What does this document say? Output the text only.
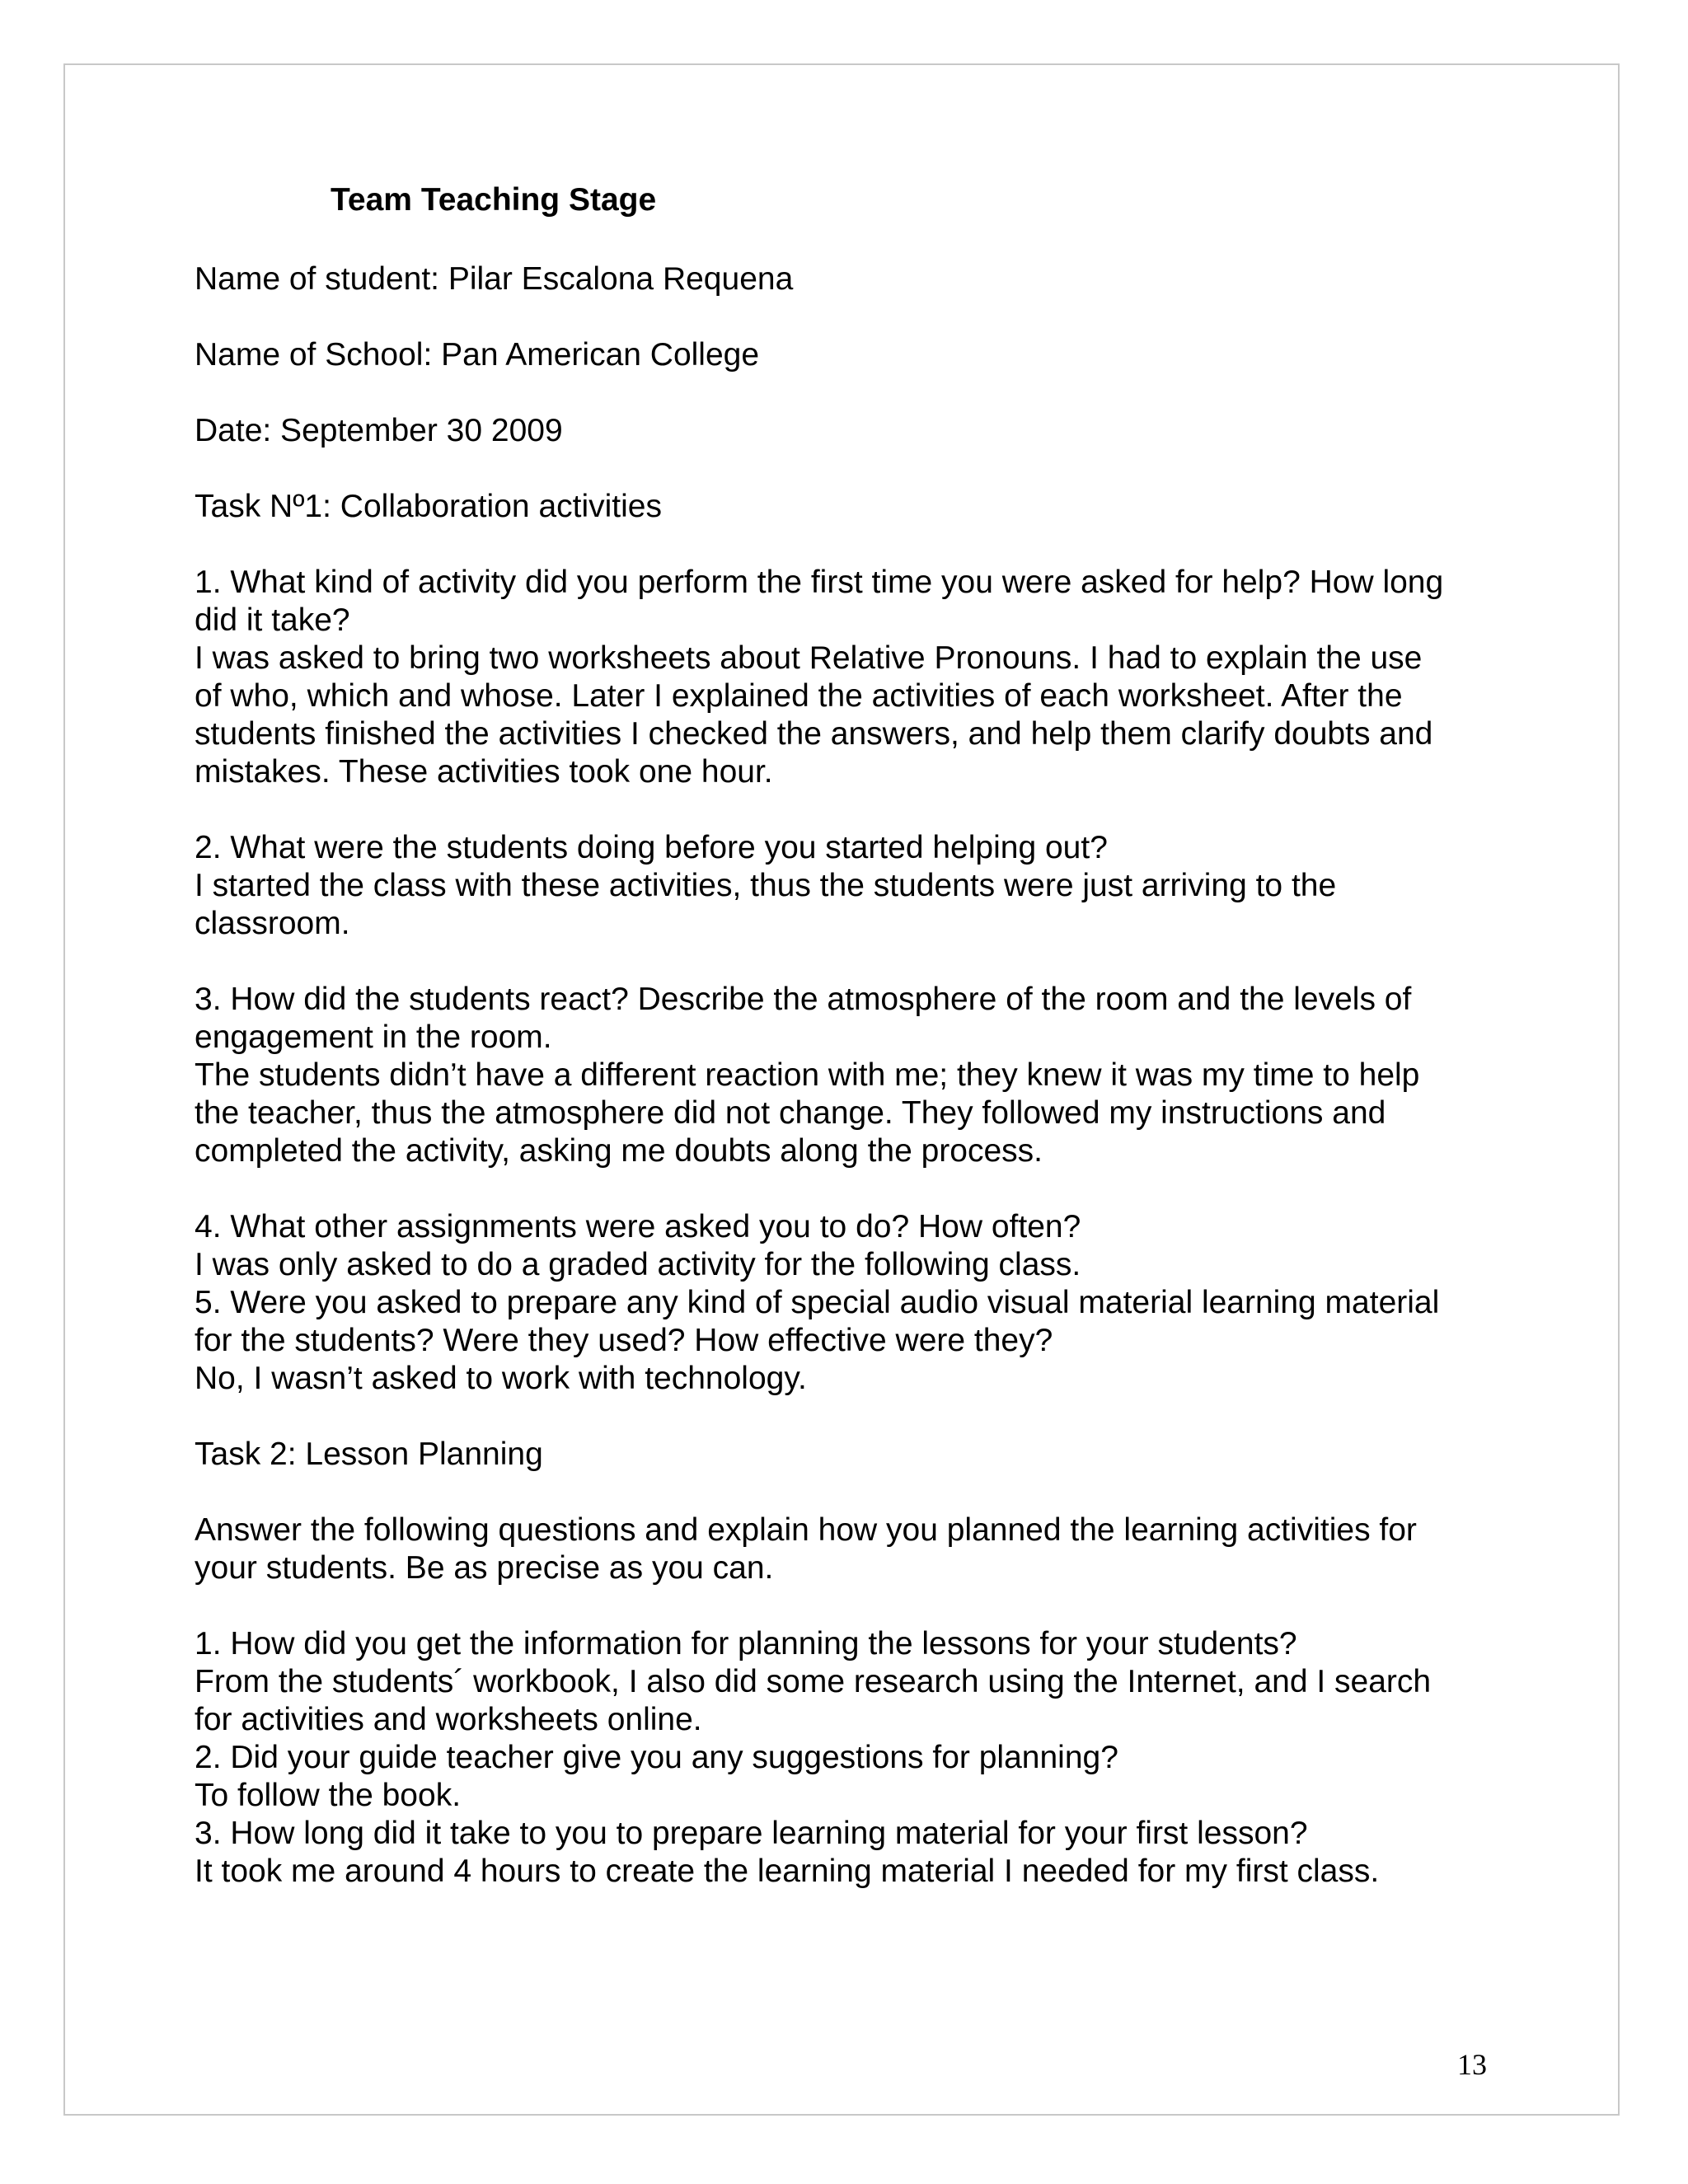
Team Teaching Stage

Name of student: Pilar Escalona Requena

Name of School: Pan American College

Date: September 30 2009

Task Nº1: Collaboration activities

1. What kind of activity did you perform the first time you were asked for help? How long

did it take?

I was asked to bring two worksheets about Relative Pronouns. I had to explain the use

of who, which and whose. Later I explained the activities of each worksheet. After the

students finished the activities I checked the answers, and help them clarify doubts and

mistakes. These activities took one hour.

2. What were the students doing before you started helping out?

I started the class with these activities, thus the students were just arriving to the

classroom.

3. How did the students react? Describe the atmosphere of the room and the levels of

engagement in the room.

The students didn’t have a different reaction with me; they knew it was my time to help

the teacher, thus the atmosphere did not change. They followed my instructions and

completed the activity, asking me doubts along the process.

4. What other assignments were asked you to do? How often?

I was only asked to do a graded activity for the following class.

5. Were you asked to prepare any kind of special audio visual material learning material

for the students? Were they used? How effective were they?

No, I wasn’t asked to work with technology.

Task 2: Lesson Planning

Answer the following questions and explain how you planned the learning activities for

your students. Be as precise as you can.

1. How did you get the information for planning the lessons for your students?

From the students´ workbook, I also did some research using the Internet, and I search

for activities and worksheets online.

2. Did your guide teacher give you any suggestions for planning?

To follow the book.

3. How long did it take to you to prepare learning material for your first lesson?

It took me around 4 hours to create the learning material I needed for my first class.

13
